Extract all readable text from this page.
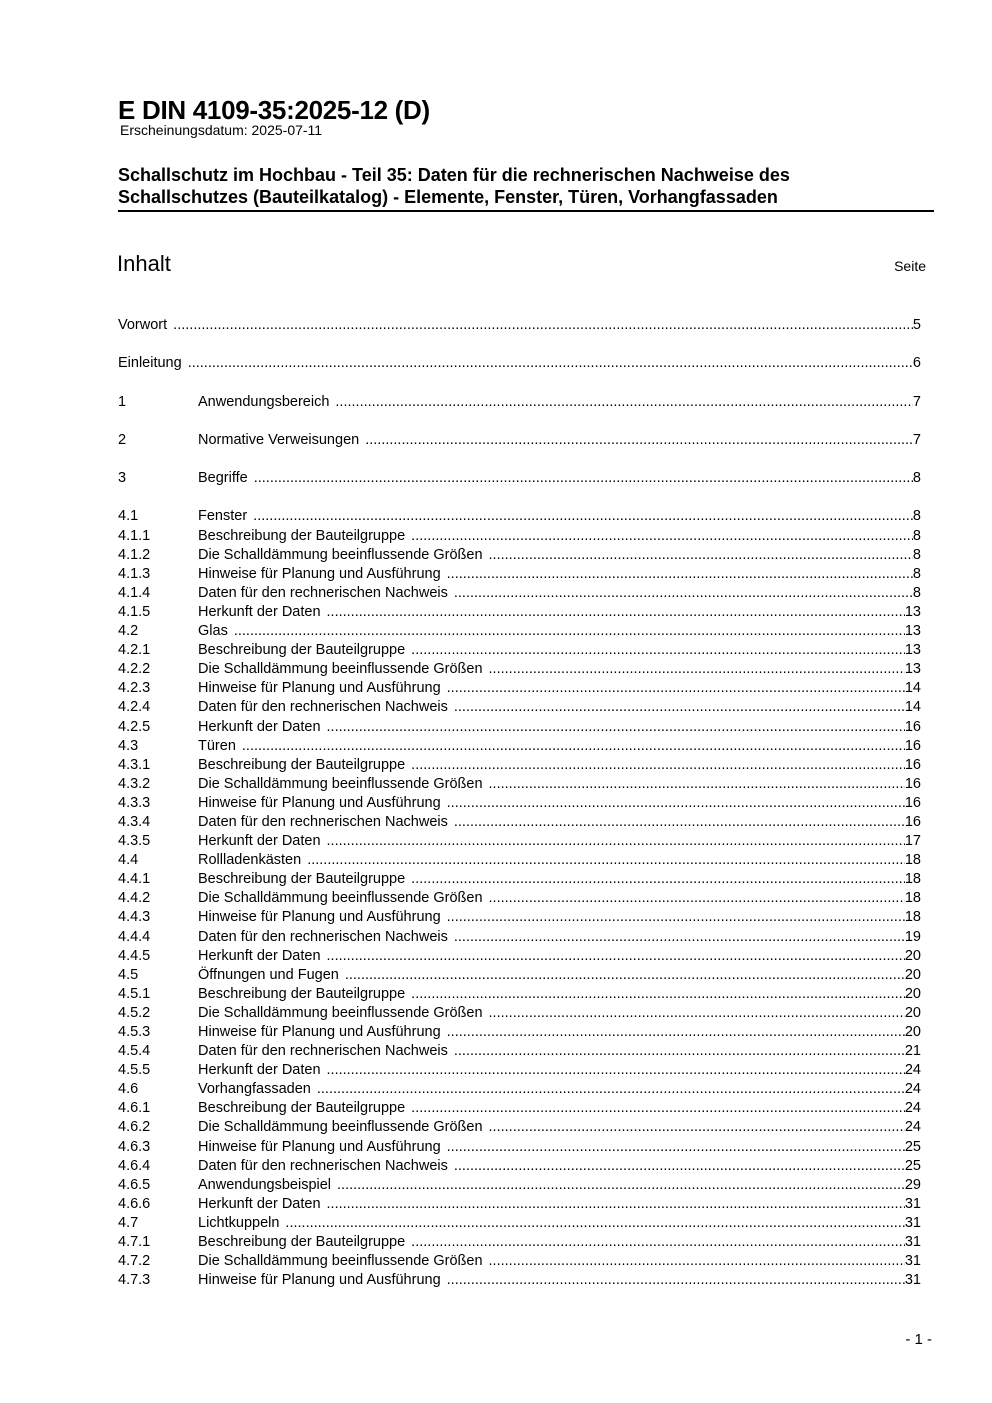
E DIN 4109-35:2025-12 (D)
Erscheinungsdatum: 2025-07-11
Schallschutz im Hochbau - Teil 35: Daten für die rechnerischen Nachweise des
Schallschutzes (Bauteilkatalog) - Elemente, Fenster, Türen, Vorhangfassaden
Inhalt	Seite
Vorwort .....	5
Einleitung .....	6
1	Anwendungsbereich .....	7
2	Normative Verweisungen .....	7
3	Begriffe .....	8
4.1	Fenster .....	8
4.1.1	Beschreibung der Bauteilgruppe .....	8
4.1.2	Die Schalldämmung beeinflussende Größen .....	8
4.1.3	Hinweise für Planung und Ausführung .....	8
4.1.4	Daten für den rechnerischen Nachweis .....	8
4.1.5	Herkunft der Daten .....	13
4.2	Glas .....	13
4.2.1	Beschreibung der Bauteilgruppe .....	13
4.2.2	Die Schalldämmung beeinflussende Größen .....	13
4.2.3	Hinweise für Planung und Ausführung .....	14
4.2.4	Daten für den rechnerischen Nachweis .....	14
4.2.5	Herkunft der Daten .....	16
4.3	Türen .....	16
4.3.1	Beschreibung der Bauteilgruppe .....	16
4.3.2	Die Schalldämmung beeinflussende Größen .....	16
4.3.3	Hinweise für Planung und Ausführung .....	16
4.3.4	Daten für den rechnerischen Nachweis .....	16
4.3.5	Herkunft der Daten .....	17
4.4	Rollladenkästen .....	18
4.4.1	Beschreibung der Bauteilgruppe .....	18
4.4.2	Die Schalldämmung beeinflussende Größen .....	18
4.4.3	Hinweise für Planung und Ausführung .....	18
4.4.4	Daten für den rechnerischen Nachweis .....	19
4.4.5	Herkunft der Daten .....	20
4.5	Öffnungen und Fugen .....	20
4.5.1	Beschreibung der Bauteilgruppe .....	20
4.5.2	Die Schalldämmung beeinflussende Größen .....	20
4.5.3	Hinweise für Planung und Ausführung .....	20
4.5.4	Daten für den rechnerischen Nachweis .....	21
4.5.5	Herkunft der Daten .....	24
4.6	Vorhangfassaden .....	24
4.6.1	Beschreibung der Bauteilgruppe .....	24
4.6.2	Die Schalldämmung beeinflussende Größen .....	24
4.6.3	Hinweise für Planung und Ausführung .....	25
4.6.4	Daten für den rechnerischen Nachweis .....	25
4.6.5	Anwendungsbeispiel .....	29
4.6.6	Herkunft der Daten .....	31
4.7	Lichtkuppeln .....	31
4.7.1	Beschreibung der Bauteilgruppe .....	31
4.7.2	Die Schalldämmung beeinflussende Größen .....	31
4.7.3	Hinweise für Planung und Ausführung .....	31
- 1 -
